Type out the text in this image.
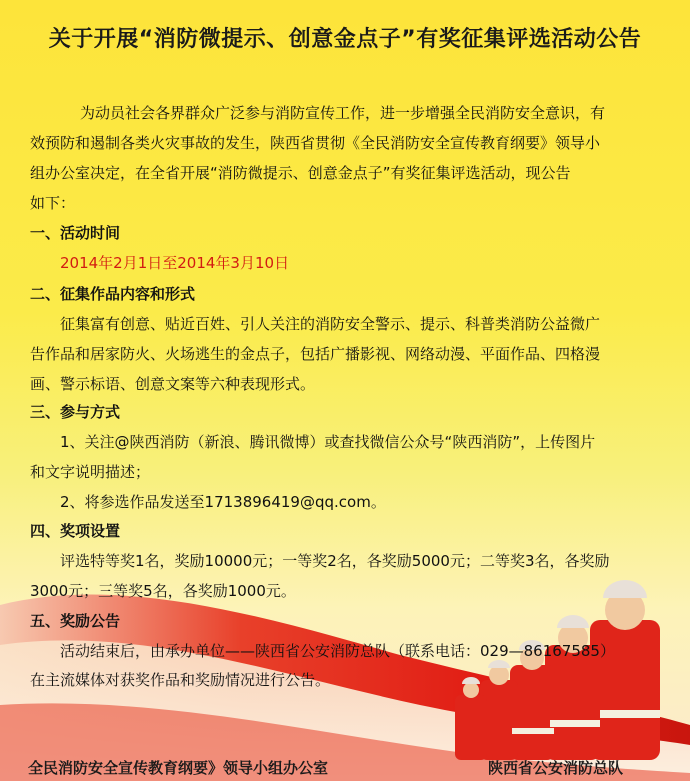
关于开展“消防微提示、创意金点子”有奖征集评选活动公告
为动员社会各界群众广泛参与消防宣传工作，进一步增强全民消防安全意识，有
效预防和遏制各类火灾事故的发生，陕西省贯彻《全民消防安全宣传教育纲要》领导小
组办公室决定，在全省开展“消防微提示、创意金点子”有奖征集评选活动，现公告
如下：
一、活动时间
2014年2月1日至2014年3月10日
二、征集作品内容和形式
征集富有创意、贴近百姓、引人关注的消防安全警示、提示、科普类消防公益微广
告作品和居家防火、火场逃生的金点子，包括广播影视、网络动漫、平面作品、四格漫
画、警示标语、创意文案等六种表现形式。
三、参与方式
1、关注@陕西消防（新浪、腾讯微博）或查找微信公众号“陕西消防”，上传图片
和文字说明描述；
2、将参选作品发送至1713896419@qq.com。
四、奖项设置
评选特等奖1名，奖励10000元；一等奖2名，各奖励5000元；二等奖3名，各奖励
3000元；三等奖5名，各奖励1000元。
五、奖励公告
活动结束后，由承办单位——陕西省公安消防总队（联系电话：029—86167585）
在主流媒体对获奖作品和奖励情况进行公告。
全民消防安全宣传教育纲要》领导小组办公室	陕西省公安消防总队
